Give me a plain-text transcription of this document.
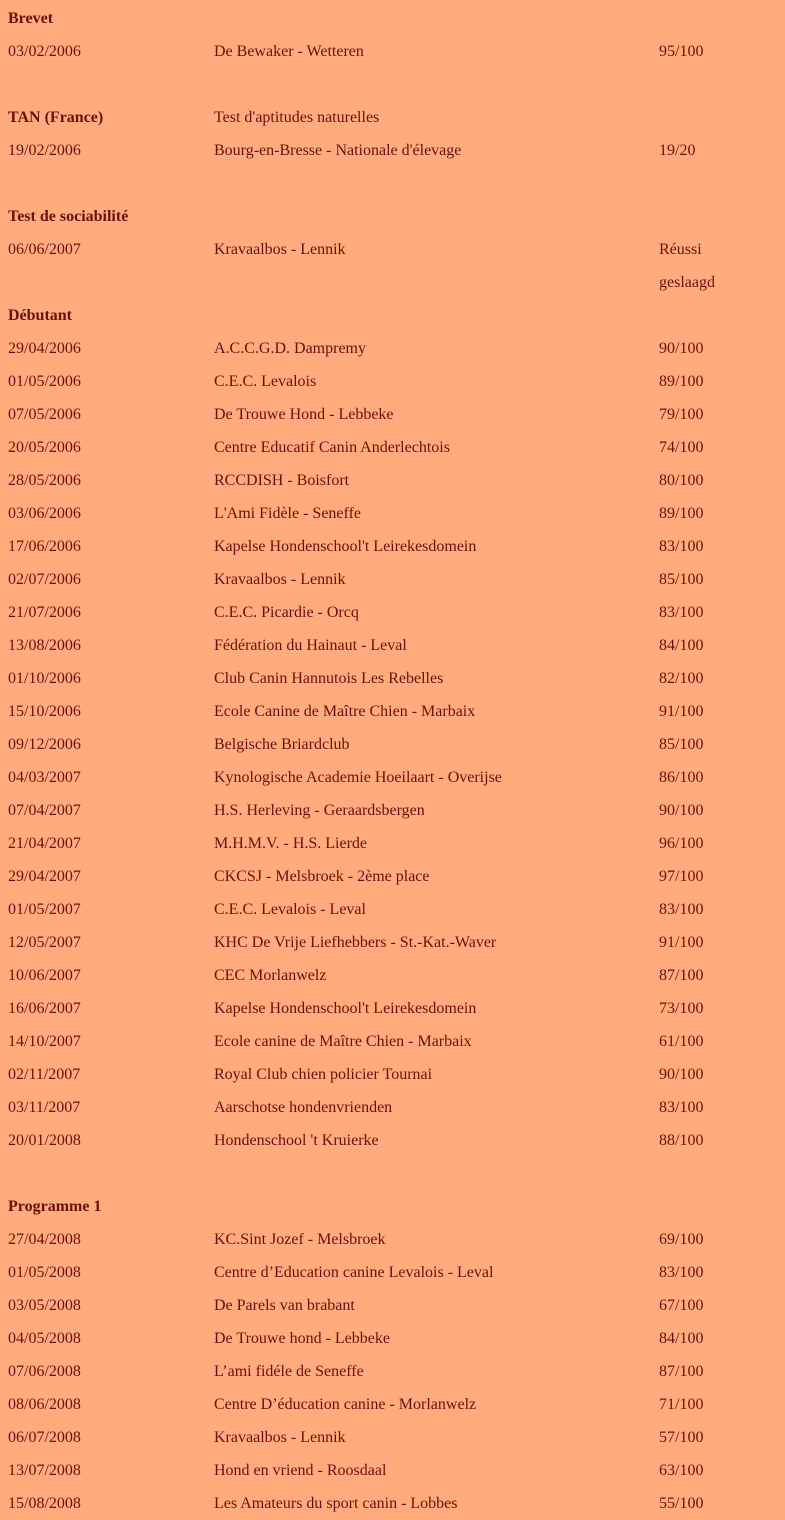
Brevet
03/02/2006	De Bewaker - Wetteren	95/100
TAN (France)	Test d'aptitudes naturelles
19/02/2006	Bourg-en-Bresse - Nationale d'élevage	19/20
Test de sociabilité
06/06/2007	Kravaalbos - Lennik	Réussi
geslaagd
Débutant
29/04/2006	A.C.C.G.D. Dampremy	90/100
01/05/2006	C.E.C. Levalois	89/100
07/05/2006	De Trouwe Hond - Lebbeke	79/100
20/05/2006	Centre Educatif Canin Anderlechtois	74/100
28/05/2006	RCCDISH - Boisfort	80/100
03/06/2006	L'Ami Fidèle - Seneffe	89/100
17/06/2006	Kapelse Hondenschool't Leirekesdomein	83/100
02/07/2006	Kravaalbos - Lennik	85/100
21/07/2006	C.E.C. Picardie - Orcq	83/100
13/08/2006	Fédération du Hainaut - Leval	84/100
01/10/2006	Club Canin Hannutois Les Rebelles	82/100
15/10/2006	Ecole Canine de Maître Chien - Marbaix	91/100
09/12/2006	Belgische Briardclub	85/100
04/03/2007	Kynologische Academie Hoeilaart - Overijse	86/100
07/04/2007	H.S. Herleving - Geraardsbergen	90/100
21/04/2007	M.H.M.V. - H.S. Lierde	96/100
29/04/2007	CKCSJ - Melsbroek - 2ème place	97/100
01/05/2007	C.E.C. Levalois - Leval	83/100
12/05/2007	KHC De Vrije Liefhebbers - St.-Kat.-Waver	91/100
10/06/2007	CEC Morlanwelz	87/100
16/06/2007	Kapelse Hondenschool't Leirekesdomein	73/100
14/10/2007	Ecole canine de Maître Chien - Marbaix	61/100
02/11/2007	Royal Club chien policier Tournai	90/100
03/11/2007	Aarschotse hondenvrienden	83/100
20/01/2008	Hondenschool 't Kruierke	88/100
Programme 1
27/04/2008	KC.Sint Jozef - Melsbroek	69/100
01/05/2008	Centre d’Education canine Levalois - Leval	83/100
03/05/2008	De Parels van brabant	67/100
04/05/2008	De Trouwe hond - Lebbeke	84/100
07/06/2008	L’ami fidéle de Seneffe	87/100
08/06/2008	Centre D’éducation canine - Morlanwelz	71/100
06/07/2008	Kravaalbos - Lennik	57/100
13/07/2008	Hond en vriend - Roosdaal	63/100
15/08/2008	Les Amateurs du sport canin - Lobbes	55/100
